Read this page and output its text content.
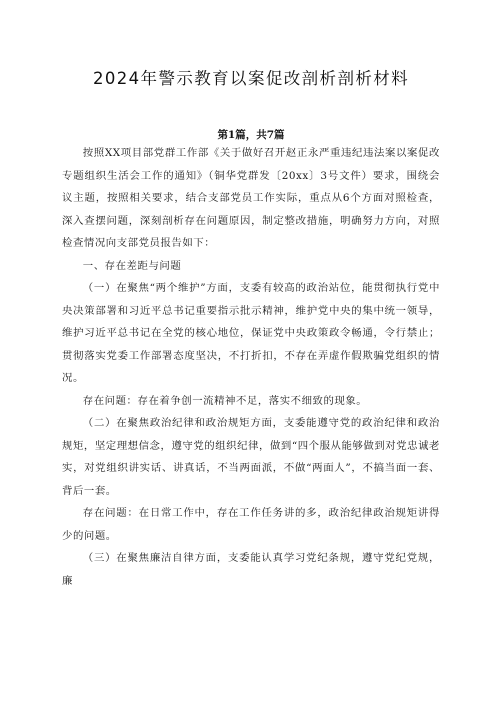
2024年警示教育以案促改剖析剖析材料
第1篇，共7篇

按照XX项目部党群工作部《关于做好召开赵正永严重违纪违法案以案促改专题组织生活会工作的通知》（铜华党群发〔20xx〕3号文件）要求，围绕会议主题，按照相关要求，结合支部党员工作实际，重点从6个方面对照检查，深入查摆问题，深刻剖析存在问题原因，制定整改措施，明确努力方向，对照检查情况向支部党员报告如下：

一、存在差距与问题

（一）在聚焦“两个维护”方面，支委有较高的政治站位，能贯彻执行党中央决策部署和习近平总书记重要指示批示精神，维护党中央的集中统一领导，维护习近平总书记在全党的核心地位，保证党中央政策政令畅通，令行禁止；贯彻落实党委工作部署态度坚决，不打折扣，不存在弄虚作假欺骗党组织的情况。

存在问题：存在着争创一流精神不足，落实不细致的现象。

（二）在聚焦政治纪律和政治规矩方面，支委能遵守党的政治纪律和政治规矩，坚定理想信念，遵守党的组织纪律，做到“四个服从能够做到对党忠诚老实，对党组织讲实话、讲真话，不当两面派，不做“两面人”，不搞当面一套、背后一套。

存在问题：在日常工作中，存在工作任务讲的多，政治纪律政治规矩讲得少的问题。

（三）在聚焦廉洁自律方面，支委能认真学习党纪条规，遵守党纪党规，廉
